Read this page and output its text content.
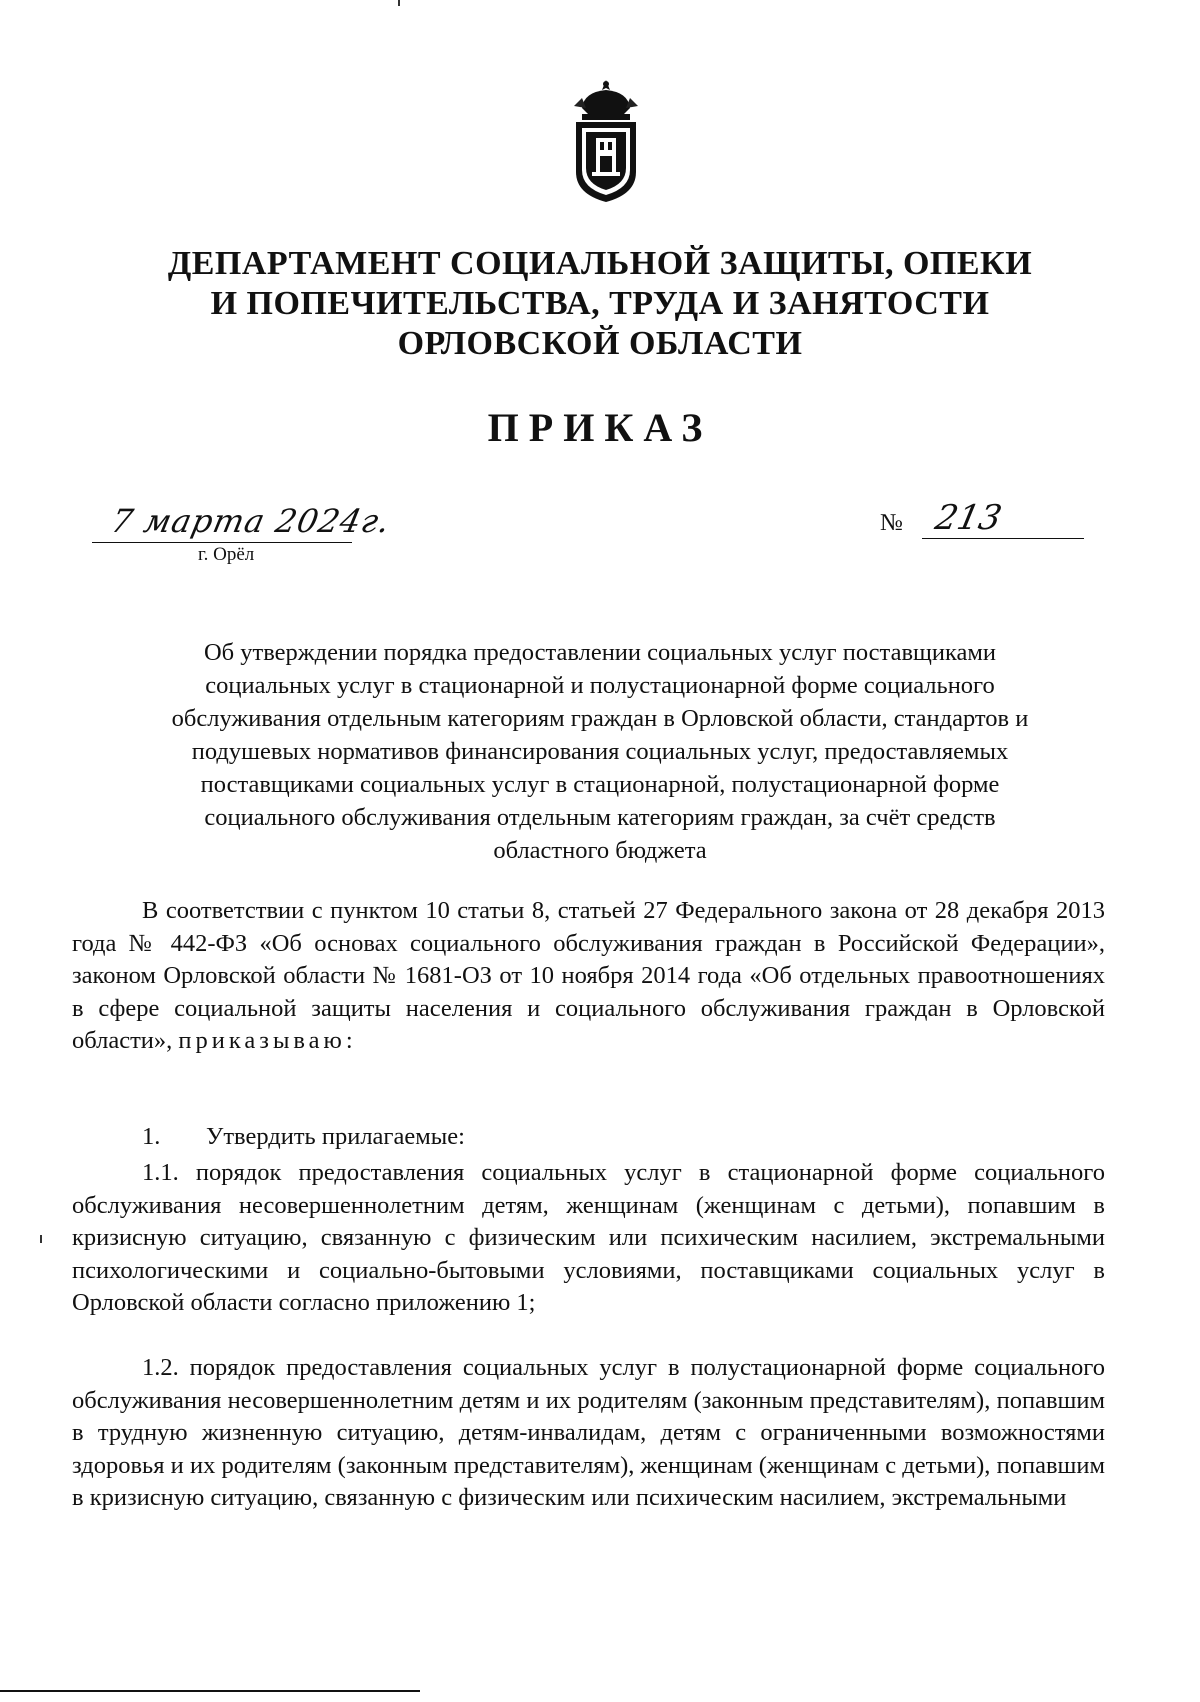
ДЕПАРТАМЕНТ СОЦИАЛЬНОЙ ЗАЩИТЫ, ОПЕКИ
И ПОПЕЧИТЕЛЬСТВА, ТРУДА И ЗАНЯТОСТИ
ОРЛОВСКОЙ ОБЛАСТИ
ПРИКАЗ
7 марта 2024г.
г. Орёл
№ 213
Об утверждении порядка предоставлении социальных услуг поставщиками
социальных услуг в стационарной и полустационарной форме социального
обслуживания отдельным категориям граждан в Орловской области, стандартов и
подушевых нормативов финансирования социальных услуг, предоставляемых
поставщиками социальных услуг в стационарной, полустационарной форме
социального обслуживания отдельным категориям граждан, за счёт средств
областного бюджета
В соответствии с пунктом 10 статьи 8, статьей 27 Федерального закона от 28 декабря 2013 года № 442-ФЗ «Об основах социального обслуживания граждан в Российской Федерации», законом Орловской области № 1681-ОЗ от 10 ноября 2014 года «Об отдельных правоотношениях в сфере социальной защиты населения и социального обслуживания граждан в Орловской области», приказываю:
1. Утвердить прилагаемые:
1.1. порядок предоставления социальных услуг в стационарной форме социального обслуживания несовершеннолетним детям, женщинам (женщинам с детьми), попавшим в кризисную ситуацию, связанную с физическим или психическим насилием, экстремальными психологическими и социально-бытовыми условиями, поставщиками социальных услуг в Орловской области согласно приложению 1;
1.2. порядок предоставления социальных услуг в полустационарной форме социального обслуживания несовершеннолетним детям и их родителям (законным представителям), попавшим в трудную жизненную ситуацию, детям-инвалидам, детям с ограниченными возможностями здоровья и их родителям (законным представителям), женщинам (женщинам с детьми), попавшим в кризисную ситуацию, связанную с физическим или психическим насилием, экстремальными
